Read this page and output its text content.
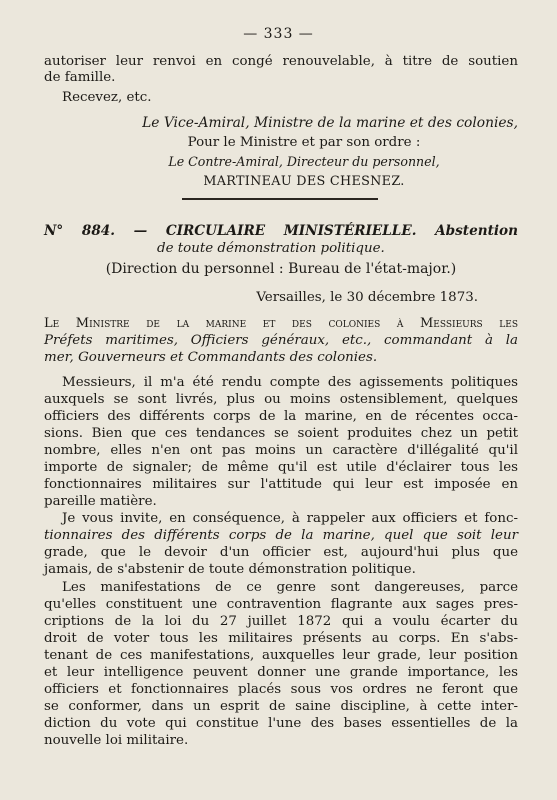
— 333 —
autoriser leur renvoi en congé renouvelable, à titre de soutien
de famille.
Recevez, etc.
Le Vice-Amiral, Ministre de la marine et des colonies,
Pour le Ministre et par son ordre :
Le Contre-Amiral, Directeur du personnel,
MARTINEAU DES CHESNEZ.
N° 884. — CIRCULAIRE MINISTÉRIELLE. Abstention
de toute démonstration politique.
(Direction du personnel : Bureau de l'état-major.)
Versailles, le 30 décembre 1873.
Le Ministre de la marine et des colonies à Messieurs les
Préfets maritimes, Officiers généraux, etc., commandant à la
mer, Gouverneurs et Commandants des colonies.
Messieurs, il m'a été rendu compte des agissements politiques
auxquels se sont livrés, plus ou moins ostensiblement, quelques
officiers des différents corps de la marine, en de récentes occa-
sions. Bien que ces tendances se soient produites chez un petit
nombre, elles n'en ont pas moins un caractère d'illégalité qu'il
importe de signaler; de même qu'il est utile d'éclairer tous les
fonctionnaires militaires sur l'attitude qui leur est imposée en
pareille matière.
Je vous invite, en conséquence, à rappeler aux officiers et fonc-
tionnaires des différents corps de la marine, quel que soit leur
grade, que le devoir d'un officier est, aujourd'hui plus que
jamais, de s'abstenir de toute démonstration politique.
Les manifestations de ce genre sont dangereuses, parce
qu'elles constituent une contravention flagrante aux sages pres-
criptions de la loi du 27 juillet 1872 qui a voulu écarter du
droit de voter tous les militaires présents au corps. En s'abs-
tenant de ces manifestations, auxquelles leur grade, leur position
et leur intelligence peuvent donner une grande importance, les
officiers et fonctionnaires placés sous vos ordres ne feront que
se conformer, dans un esprit de saine discipline, à cette inter-
diction du vote qui constitue l'une des bases essentielles de la
nouvelle loi militaire.
